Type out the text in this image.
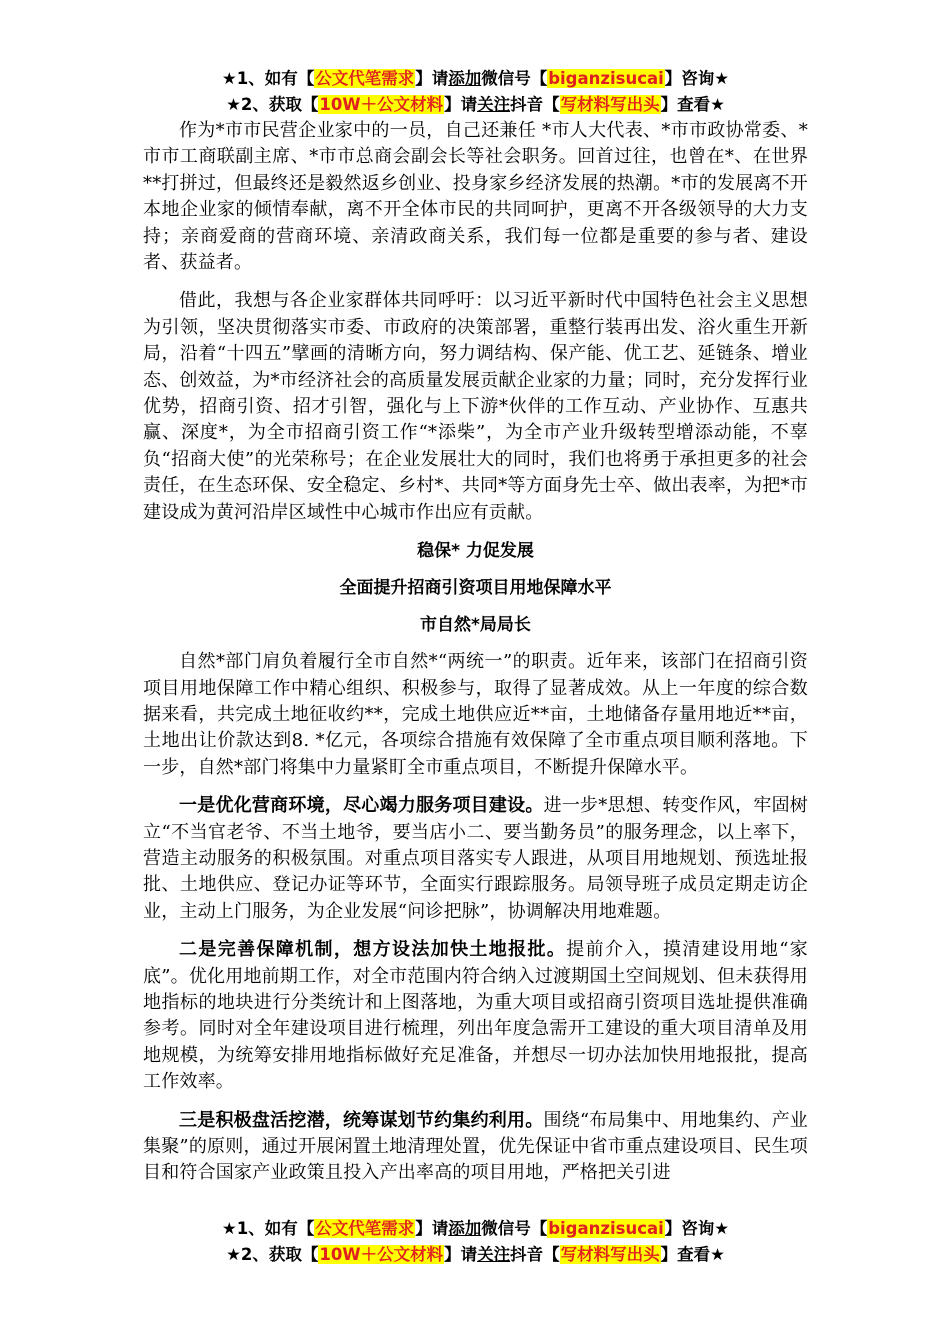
★1、如有【公文代笔需求】请添加微信号【biganzisucai】咨询★
★2、获取【10W＋公文材料】请关注抖音【写材料写出头】查看★

作为*市市民营企业家中的一员，自己还兼任 *市人大代表、*市市政协常委、*市市工商联副主席、*市市总商会副会长等社会职务。回首过往，也曾在*、在世界**打拼过，但最终还是毅然返乡创业、投身家乡经济发展的热潮。*市的发展离不开本地企业家的倾情奉献，离不开全体市民的共同呵护，更离不开各级领导的大力支持；亲商爱商的营商环境、亲清政商关系，我们每一位都是重要的参与者、建设者、获益者。

借此，我想与各企业家群体共同呼吁：以习近平新时代中国特色社会主义思想为引领，坚决贯彻落实市委、市政府的决策部署，重整行装再出发、浴火重生开新局，沿着“十四五”擘画的清晰方向，努力调结构、保产能、优工艺、延链条、增业态、创效益，为*市经济社会的高质量发展贡献企业家的力量；同时，充分发挥行业优势，招商引资、招才引智，强化与上下游*伙伴的工作互动、产业协作、互惠共赢、深度*，为全市招商引资工作“*添柴”，为全市产业升级转型增添动能，不辜负“招商大使”的光荣称号；在企业发展壮大的同时，我们也将勇于承担更多的社会责任，在生态环保、安全稳定、乡村*、共同*等方面身先士卒、做出表率，为把*市建设成为黄河沿岸区域性中心城市作出应有贡献。

稳保* 力促发展
全面提升招商引资项目用地保障水平
市自然*局局长

自然*部门肩负着履行全市自然*“两统一”的职责。近年来，该部门在招商引资项目用地保障工作中精心组织、积极参与，取得了显著成效。从上一年度的综合数据来看，共完成土地征收约**，完成土地供应近**亩，土地储备存量用地近**亩，土地出让价款达到8. *亿元，各项综合措施有效保障了全市重点项目顺利落地。下一步，自然*部门将集中力量紧盯全市重点项目，不断提升保障水平。

一是优化营商环境，尽心竭力服务项目建设。进一步*思想、转变作风，牢固树立“不当官老爷、不当土地爷，要当店小二、要当勤务员”的服务理念，以上率下，营造主动服务的积极氛围。对重点项目落实专人跟进，从项目用地规划、预选址报批、土地供应、登记办证等环节，全面实行跟踪服务。局领导班子成员定期走访企业，主动上门服务，为企业发展“问诊把脉”，协调解决用地难题。

二是完善保障机制，想方设法加快土地报批。提前介入，摸清建设用地“家底”。优化用地前期工作，对全市范围内符合纳入过渡期国土空间规划、但未获得用地指标的地块进行分类统计和上图落地，为重大项目或招商引资项目选址提供准确参考。同时对全年建设项目进行梳理，列出年度急需开工建设的重大项目清单及用地规模，为统筹安排用地指标做好充足准备，并想尽一切办法加快用地报批，提高工作效率。

三是积极盘活挖潜，统筹谋划节约集约利用。围绕“布局集中、用地集约、产业集聚”的原则，通过开展闲置土地清理处置，优先保证中省市重点建设项目、民生项目和符合国家产业政策且投入产出率高的项目用地，严格把关引进

★1、如有【公文代笔需求】请添加微信号【biganzisucai】咨询★
★2、获取【10W＋公文材料】请关注抖音【写材料写出头】查看★
